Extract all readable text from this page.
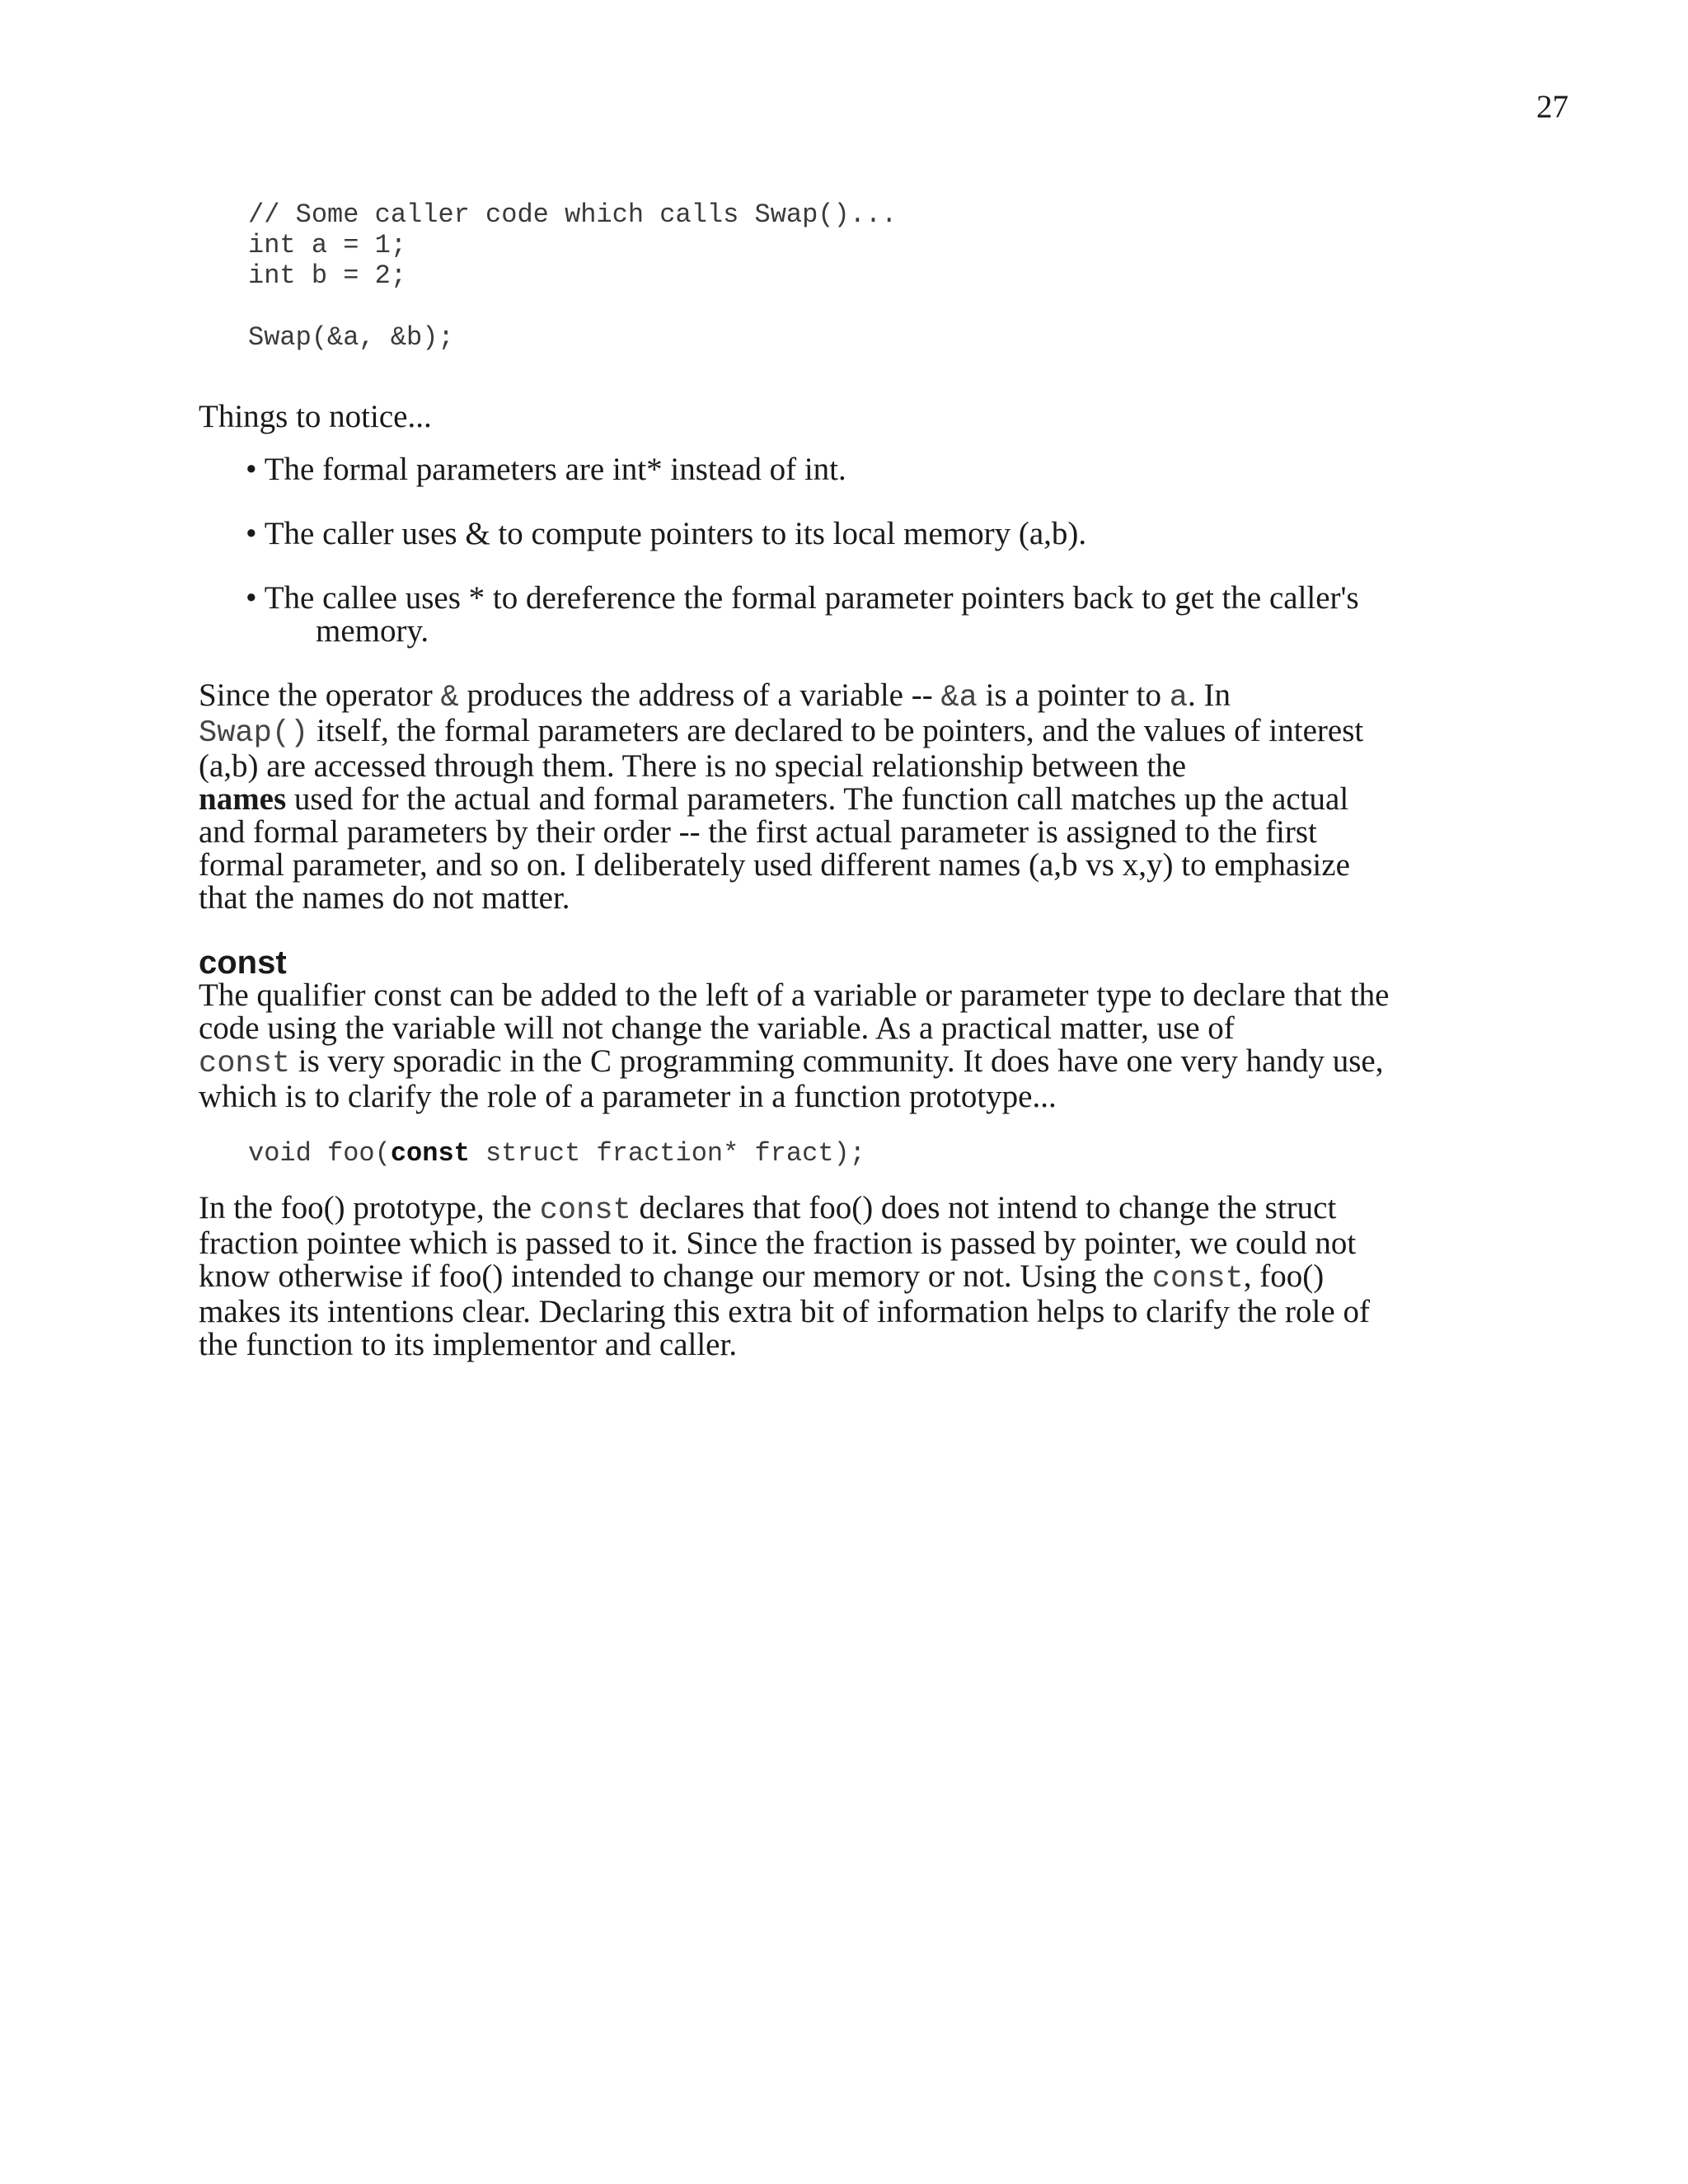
27
// Some caller code which calls Swap()...
int a = 1;
int b = 2;
Swap(&a, &b);

Things to notice...

• The formal parameters are int* instead of int.
• The caller uses & to compute pointers to its local memory (a,b).
• The callee uses * to dereference the formal parameter pointers back to get the caller's
memory.

Since the operator & produces the address of a variable -- &a is a pointer to a. In
Swap() itself, the formal parameters are declared to be pointers, and the values of interest (a,b) are accessed through them. There is no special relationship between the
names used for the actual and formal parameters. The function call matches up the actual and formal parameters by their order -- the first actual parameter is assigned to the first formal parameter, and so on. I deliberately used different names (a,b vs x,y) to emphasize that the names do not matter.

const

The qualifier const can be added to the left of a variable or parameter type to declare that the code using the variable will not change the variable. As a practical matter, use of
const is very sporadic in the C programming community. It does have one very handy use, which is to clarify the role of a parameter in a function prototype...

void foo(const struct fraction* fract);

In the foo() prototype, the const declares that foo() does not intend to change the struct fraction pointee which is passed to it. Since the fraction is passed by pointer, we could not know otherwise if foo() intended to change our memory or not. Using the const, foo() makes its intentions clear. Declaring this extra bit of information helps to clarify the role of the function to its implementor and caller.
